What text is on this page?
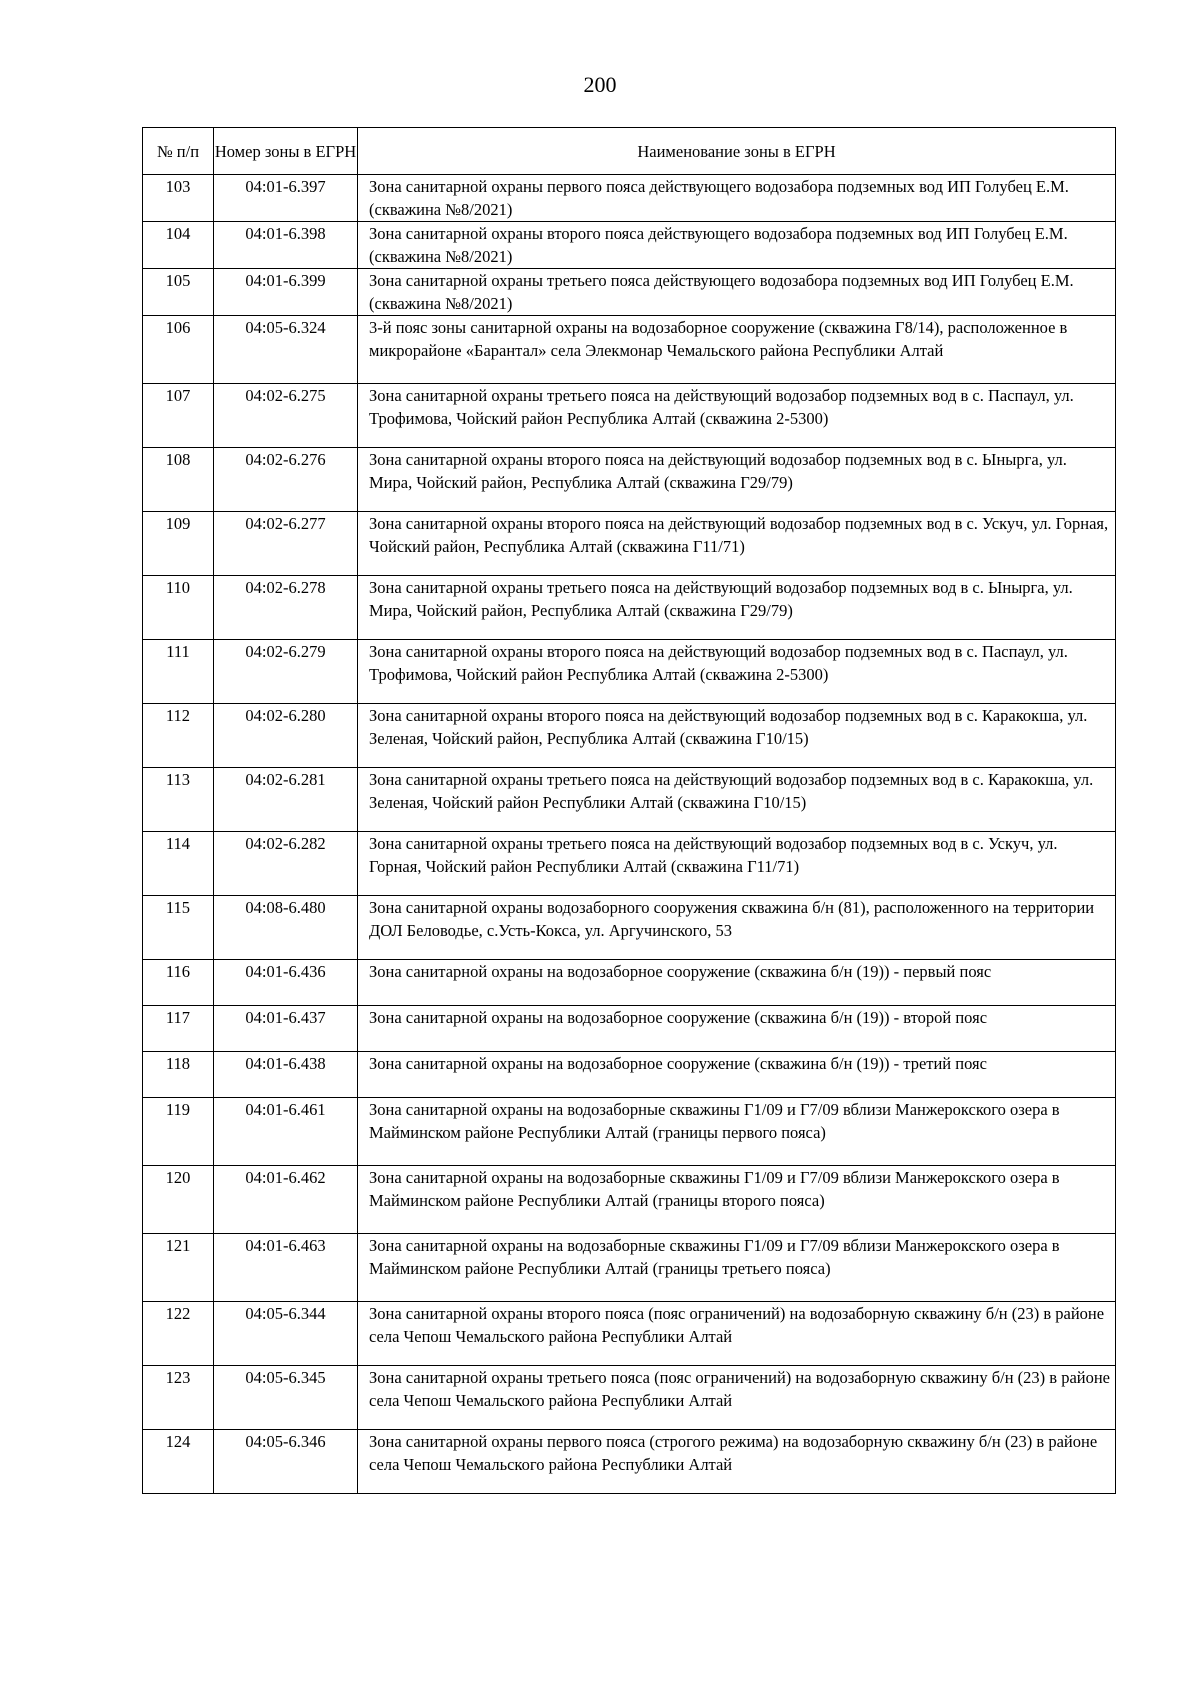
200
№ п/п	Номер зоны в ЕГРН	Наименование зоны в ЕГРН
103	04:01-6.397	Зона санитарной охраны первого пояса действующего водозабора подземных вод ИП Голубец Е.М. (скважина №8/2021)
104	04:01-6.398	Зона санитарной охраны второго пояса действующего водозабора подземных вод ИП Голубец Е.М. (скважина №8/2021)
105	04:01-6.399	Зона санитарной охраны третьего пояса действующего водозабора подземных вод ИП Голубец Е.М. (скважина №8/2021)
106	04:05-6.324	3-й пояс зоны санитарной охраны на водозаборное сооружение (скважина Г8/14), расположенное в микрорайоне «Барантал» села Элекмонар Чемальского района Республики Алтай
107	04:02-6.275	Зона санитарной охраны третьего пояса на действующий водозабор подземных вод в с. Паспаул, ул. Трофимова, Чойский район Республика Алтай (скважина 2-5300)
108	04:02-6.276	Зона санитарной охраны второго пояса на действующий водозабор подземных вод в с. Ынырга, ул. Мира, Чойский район, Республика Алтай (скважина Г29/79)
109	04:02-6.277	Зона санитарной охраны второго пояса на действующий водозабор подземных вод в с. Ускуч, ул. Горная, Чойский район, Республика Алтай (скважина Г11/71)
110	04:02-6.278	Зона санитарной охраны третьего пояса на действующий водозабор подземных вод в с. Ынырга, ул. Мира, Чойский район, Республика Алтай (скважина Г29/79)
111	04:02-6.279	Зона санитарной охраны второго пояса на действующий водозабор подземных вод в с. Паспаул, ул. Трофимова, Чойский район Республика Алтай (скважина 2-5300)
112	04:02-6.280	Зона санитарной охраны второго пояса на действующий водозабор подземных вод в с. Каракокша, ул. Зеленая, Чойский район, Республика Алтай (скважина Г10/15)
113	04:02-6.281	Зона санитарной охраны третьего пояса на действующий водозабор подземных вод в с. Каракокша, ул. Зеленая, Чойский район Республики Алтай (скважина Г10/15)
114	04:02-6.282	Зона санитарной охраны третьего пояса на действующий водозабор подземных вод в с. Ускуч, ул. Горная, Чойский район Республики Алтай (скважина Г11/71)
115	04:08-6.480	Зона санитарной охраны водозаборного сооружения скважина б/н (81), расположенного на территории ДОЛ Беловодье, с.Усть-Кокса, ул. Аргучинского, 53
116	04:01-6.436	Зона санитарной охраны на водозаборное сооружение (скважина б/н (19)) - первый пояс
117	04:01-6.437	Зона санитарной охраны на водозаборное сооружение (скважина б/н (19)) - второй пояс
118	04:01-6.438	Зона санитарной охраны на водозаборное сооружение (скважина б/н (19)) - третий пояс
119	04:01-6.461	Зона санитарной охраны на водозаборные скважины Г1/09 и Г7/09 вблизи Манжерокского озера в Майминском районе Республики Алтай (границы первого пояса)
120	04:01-6.462	Зона санитарной охраны на водозаборные скважины Г1/09 и Г7/09 вблизи Манжерокского озера в Майминском районе Республики Алтай (границы второго пояса)
121	04:01-6.463	Зона санитарной охраны на водозаборные скважины Г1/09 и Г7/09 вблизи Манжерокского озера в Майминском районе Республики Алтай (границы третьего пояса)
122	04:05-6.344	Зона санитарной охраны второго пояса (пояс ограничений) на водозаборную скважину б/н (23) в районе села Чепош Чемальского района Республики Алтай
123	04:05-6.345	Зона санитарной охраны третьего пояса (пояс ограничений) на водозаборную скважину б/н (23) в районе села Чепош Чемальского района Республики Алтай
124	04:05-6.346	Зона санитарной охраны первого пояса (строгого режима) на водозаборную скважину б/н (23) в районе села Чепош Чемальского района Республики Алтай
